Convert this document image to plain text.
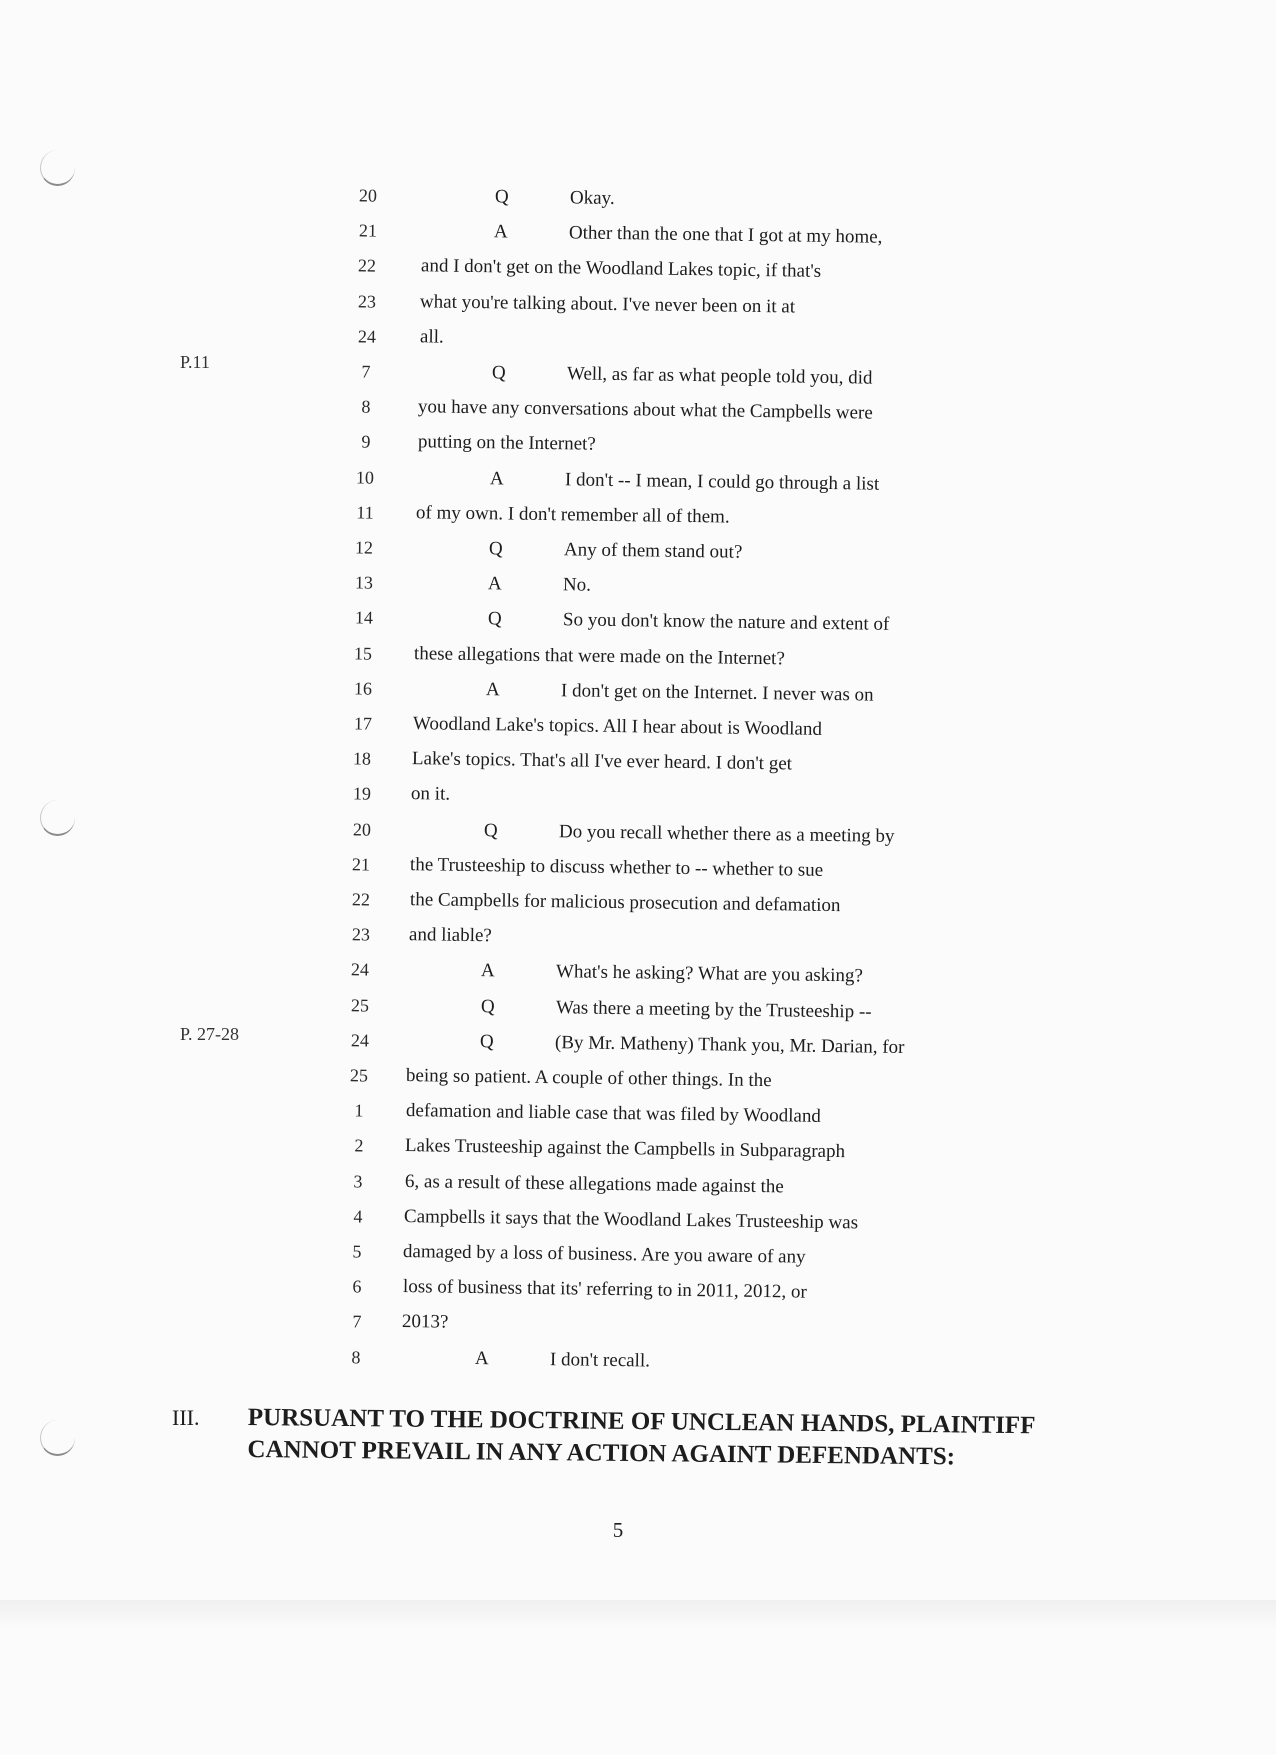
P.11
P. 27-28
20	Q	Okay.
21	A	Other than the one that I got at my home,
22	and I don't get on the Woodland Lakes topic, if that's
23	what you're talking about. I've never been on it at
24	all.
7	Q	Well, as far as what people told you, did
8	you have any conversations about what the Campbells were
9	putting on the Internet?
10	A	I don't -- I mean, I could go through a list
11	of my own. I don't remember all of them.
12	Q	Any of them stand out?
13	A	No.
14	Q	So you don't know the nature and extent of
15	these allegations that were made on the Internet?
16	A	I don't get on the Internet. I never was on
17	Woodland Lake's topics. All I hear about is Woodland
18	Lake's topics. That's all I've ever heard. I don't get
19	on it.
20	Q	Do you recall whether there as a meeting by
21	the Trusteeship to discuss whether to -- whether to sue
22	the Campbells for malicious prosecution and defamation
23	and liable?
24	A	What's he asking? What are you asking?
25	Q	Was there a meeting by the Trusteeship --
24	Q	(By Mr. Matheny) Thank you, Mr. Darian, for
25	being so patient. A couple of other things. In the
1	defamation and liable case that was filed by Woodland
2	Lakes Trusteeship against the Campbells in Subparagraph
3	6, as a result of these allegations made against the
4	Campbells it says that the Woodland Lakes Trusteeship was
5	damaged by a loss of business. Are you aware of any
6	loss of business that its' referring to in 2011, 2012, or
7	2013?
8	A	I don't recall.
III. PURSUANT TO THE DOCTRINE OF UNCLEAN HANDS, PLAINTIFF
CANNOT PREVAIL IN ANY ACTION AGAINT DEFENDANTS:
5
